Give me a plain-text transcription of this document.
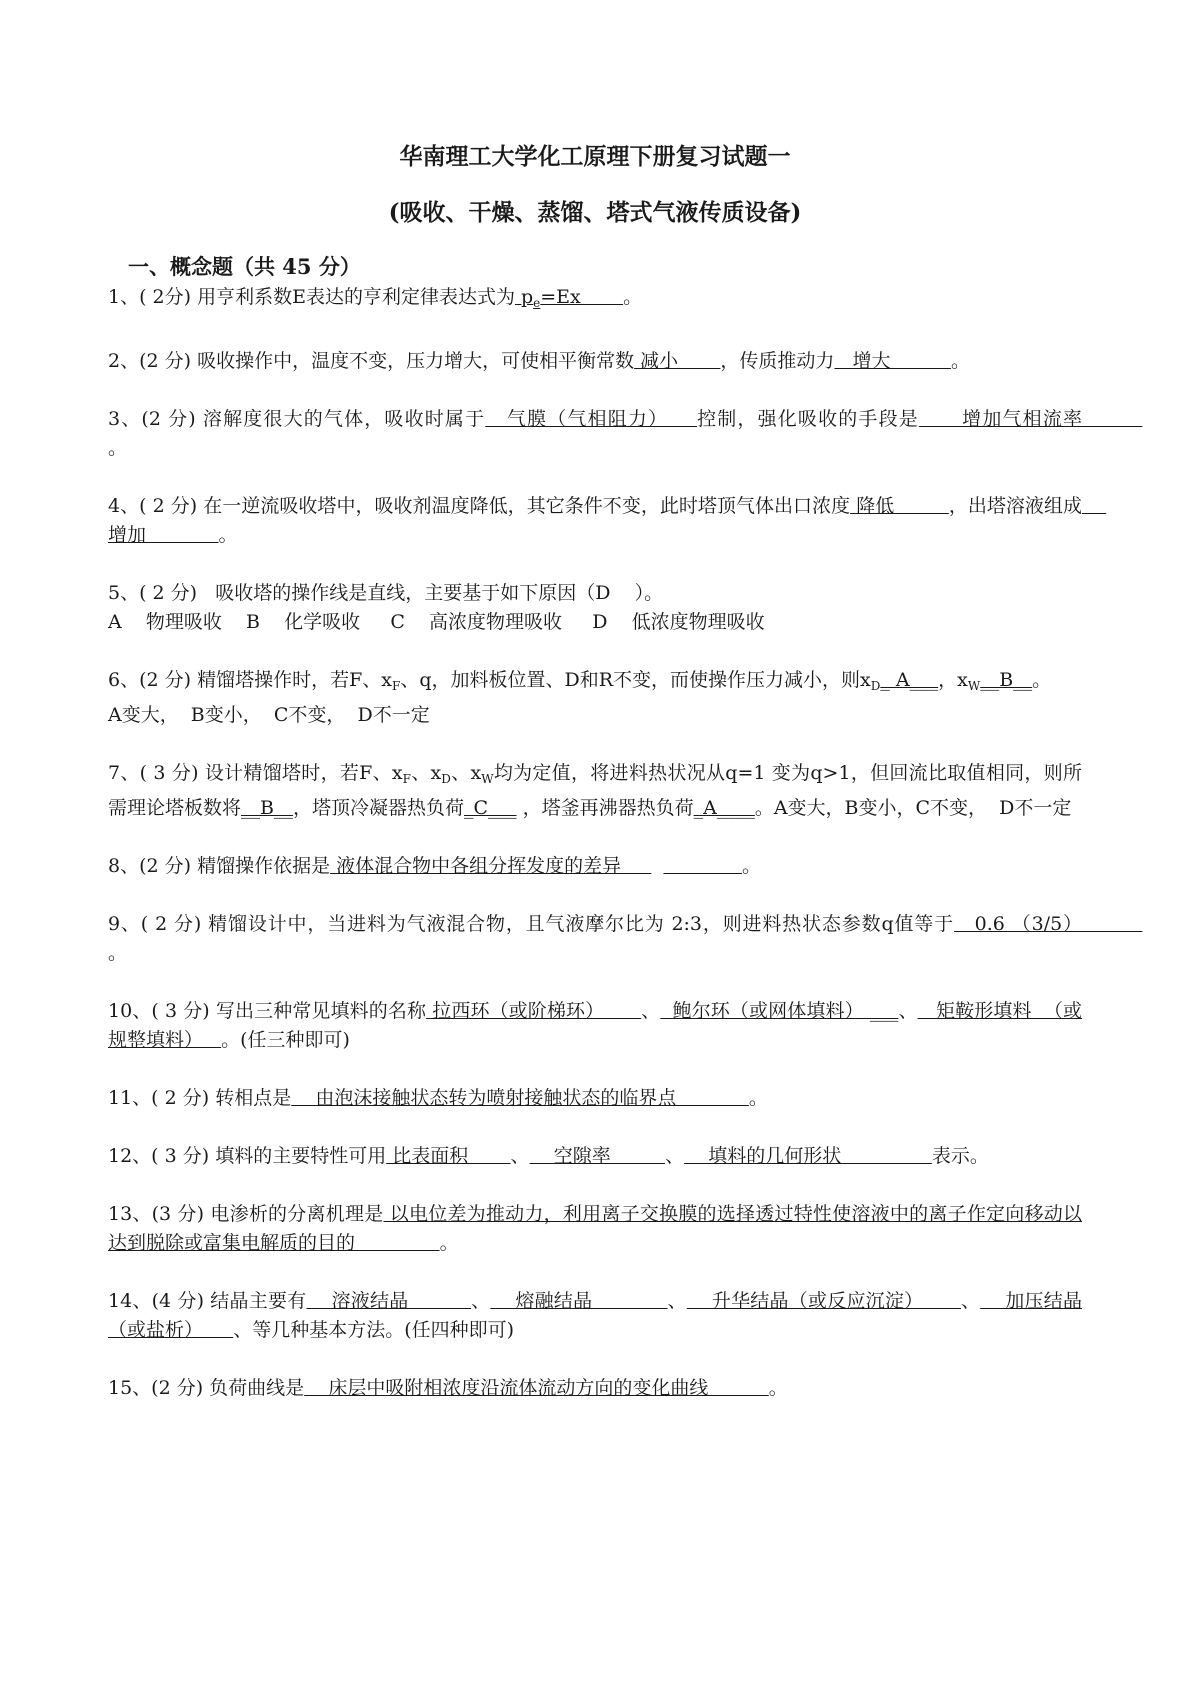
华南理工大学化工原理下册复习试题一
(吸收、干燥、蒸馏、塔式气液传质设备)
一、概念题（共 45 分）
1、( 2分) 用亨利系数E表达的亨利定律表达式为 $p_e=Ex$       。
2、(2 分) 吸收操作中，温度不变，压力增大，可使相平衡常数 减小       ，传质推动力   增大          。
3、(2 分) 溶解度很大的气体，吸收时属于   气膜（气相阻力）    控制，强化吸收的手段是      增加气相流率          。
4、( 2 分) 在一逆流吸收塔中，吸收剂温度降低，其它条件不变，此时塔顶气体出口浓度 降低         ，出塔溶液组成    增加            。
5、( 2 分)   吸收塔的操作线是直线，主要基于如下原因（D    ）。
A    物理吸收    B    化学吸收     C    高浓度物理吸收     D    低浓度物理吸收
6、(2 分) 精馏塔操作时，若F、$x_F$、q，加料板位置、D和R不变，而使操作压力减小，则$x_D\_$ A___，$x_W\_\_B\_\_$。
A变大，  B变小，  C不变，  D不一定
7、( 3 分) 设计精馏塔时，若F、$x_F$、$x_D$、$x_W$均为定值，将进料热状况从q=1 变为q>1，但回流比取值相同，则所需理论塔板数将__B__，塔顶冷凝器热负荷_C___ ，塔釜再沸器热负荷_A____。A变大，B变小，C不变，  D不一定
8、(2 分) 精馏操作依据是 液体混合物中各组分挥发度的差异	。
9、( 2 分) 精馏设计中，当进料为气液混合物，且气液摩尔比为 2:3，则进料热状态参数q值等于   0.6 （3/5）          。
10、( 3 分) 写出三种常见填料的名称 拉西环（或阶梯环）      、  鲍尔环（或网体填料） ___、   矩鞍形填料  （或规整填料）   。(任三种即可)
11、( 2 分) 转相点是    由泡沫接触状态转为喷射接触状态的临界点            。
12、( 3 分) 填料的主要特性可用 比表面积       、    空隙率         、    填料的几何形状               表示。
13、(3 分) 电渗析的分离机理是 以电位差为推动力，利用离子交换膜的选择透过特性使溶液中的离子作定向移动以达到脱除或富集电解质的目的              。
14、(4 分) 结晶主要有    溶液结晶          、    熔融结晶            、    升华结晶（或反应沉淀）      、    加压结晶（或盐析）     、等几种基本方法。(任四种即可)
15、(2 分) 负荷曲线是    床层中吸附相浓度沿流体流动方向的变化曲线          。
